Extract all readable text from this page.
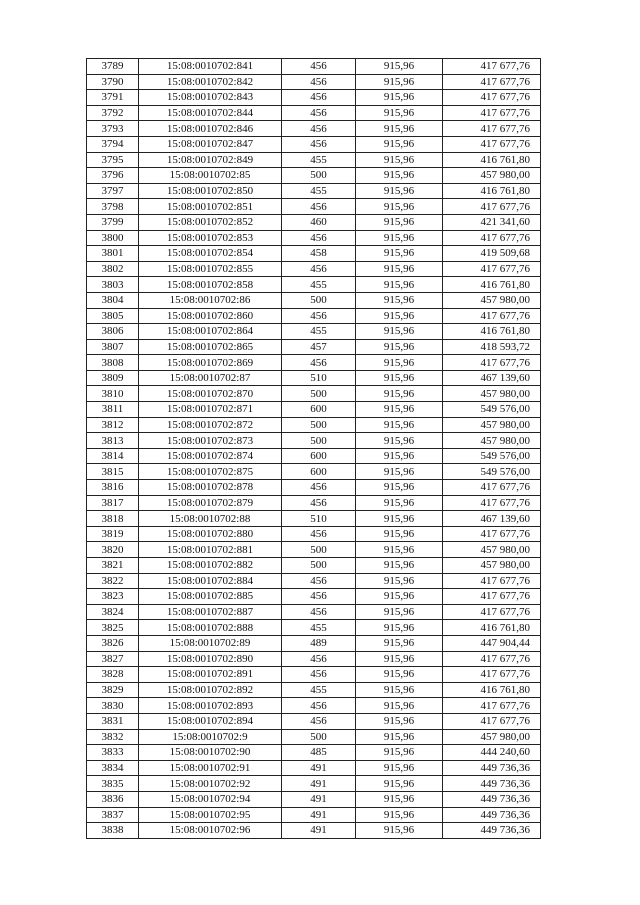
3789	15:08:0010702:841	456	915,96	417 677,76
3790	15:08:0010702:842	456	915,96	417 677,76
3791	15:08:0010702:843	456	915,96	417 677,76
3792	15:08:0010702:844	456	915,96	417 677,76
3793	15:08:0010702:846	456	915,96	417 677,76
3794	15:08:0010702:847	456	915,96	417 677,76
3795	15:08:0010702:849	455	915,96	416 761,80
3796	15:08:0010702:85	500	915,96	457 980,00
3797	15:08:0010702:850	455	915,96	416 761,80
3798	15:08:0010702:851	456	915,96	417 677,76
3799	15:08:0010702:852	460	915,96	421 341,60
3800	15:08:0010702:853	456	915,96	417 677,76
3801	15:08:0010702:854	458	915,96	419 509,68
3802	15:08:0010702:855	456	915,96	417 677,76
3803	15:08:0010702:858	455	915,96	416 761,80
3804	15:08:0010702:86	500	915,96	457 980,00
3805	15:08:0010702:860	456	915,96	417 677,76
3806	15:08:0010702:864	455	915,96	416 761,80
3807	15:08:0010702:865	457	915,96	418 593,72
3808	15:08:0010702:869	456	915,96	417 677,76
3809	15:08:0010702:87	510	915,96	467 139,60
3810	15:08:0010702:870	500	915,96	457 980,00
3811	15:08:0010702:871	600	915,96	549 576,00
3812	15:08:0010702:872	500	915,96	457 980,00
3813	15:08:0010702:873	500	915,96	457 980,00
3814	15:08:0010702:874	600	915,96	549 576,00
3815	15:08:0010702:875	600	915,96	549 576,00
3816	15:08:0010702:878	456	915,96	417 677,76
3817	15:08:0010702:879	456	915,96	417 677,76
3818	15:08:0010702:88	510	915,96	467 139,60
3819	15:08:0010702:880	456	915,96	417 677,76
3820	15:08:0010702:881	500	915,96	457 980,00
3821	15:08:0010702:882	500	915,96	457 980,00
3822	15:08:0010702:884	456	915,96	417 677,76
3823	15:08:0010702:885	456	915,96	417 677,76
3824	15:08:0010702:887	456	915,96	417 677,76
3825	15:08:0010702:888	455	915,96	416 761,80
3826	15:08:0010702:89	489	915,96	447 904,44
3827	15:08:0010702:890	456	915,96	417 677,76
3828	15:08:0010702:891	456	915,96	417 677,76
3829	15:08:0010702:892	455	915,96	416 761,80
3830	15:08:0010702:893	456	915,96	417 677,76
3831	15:08:0010702:894	456	915,96	417 677,76
3832	15:08:0010702:9	500	915,96	457 980,00
3833	15:08:0010702:90	485	915,96	444 240,60
3834	15:08:0010702:91	491	915,96	449 736,36
3835	15:08:0010702:92	491	915,96	449 736,36
3836	15:08:0010702:94	491	915,96	449 736,36
3837	15:08:0010702:95	491	915,96	449 736,36
3838	15:08:0010702:96	491	915,96	449 736,36
